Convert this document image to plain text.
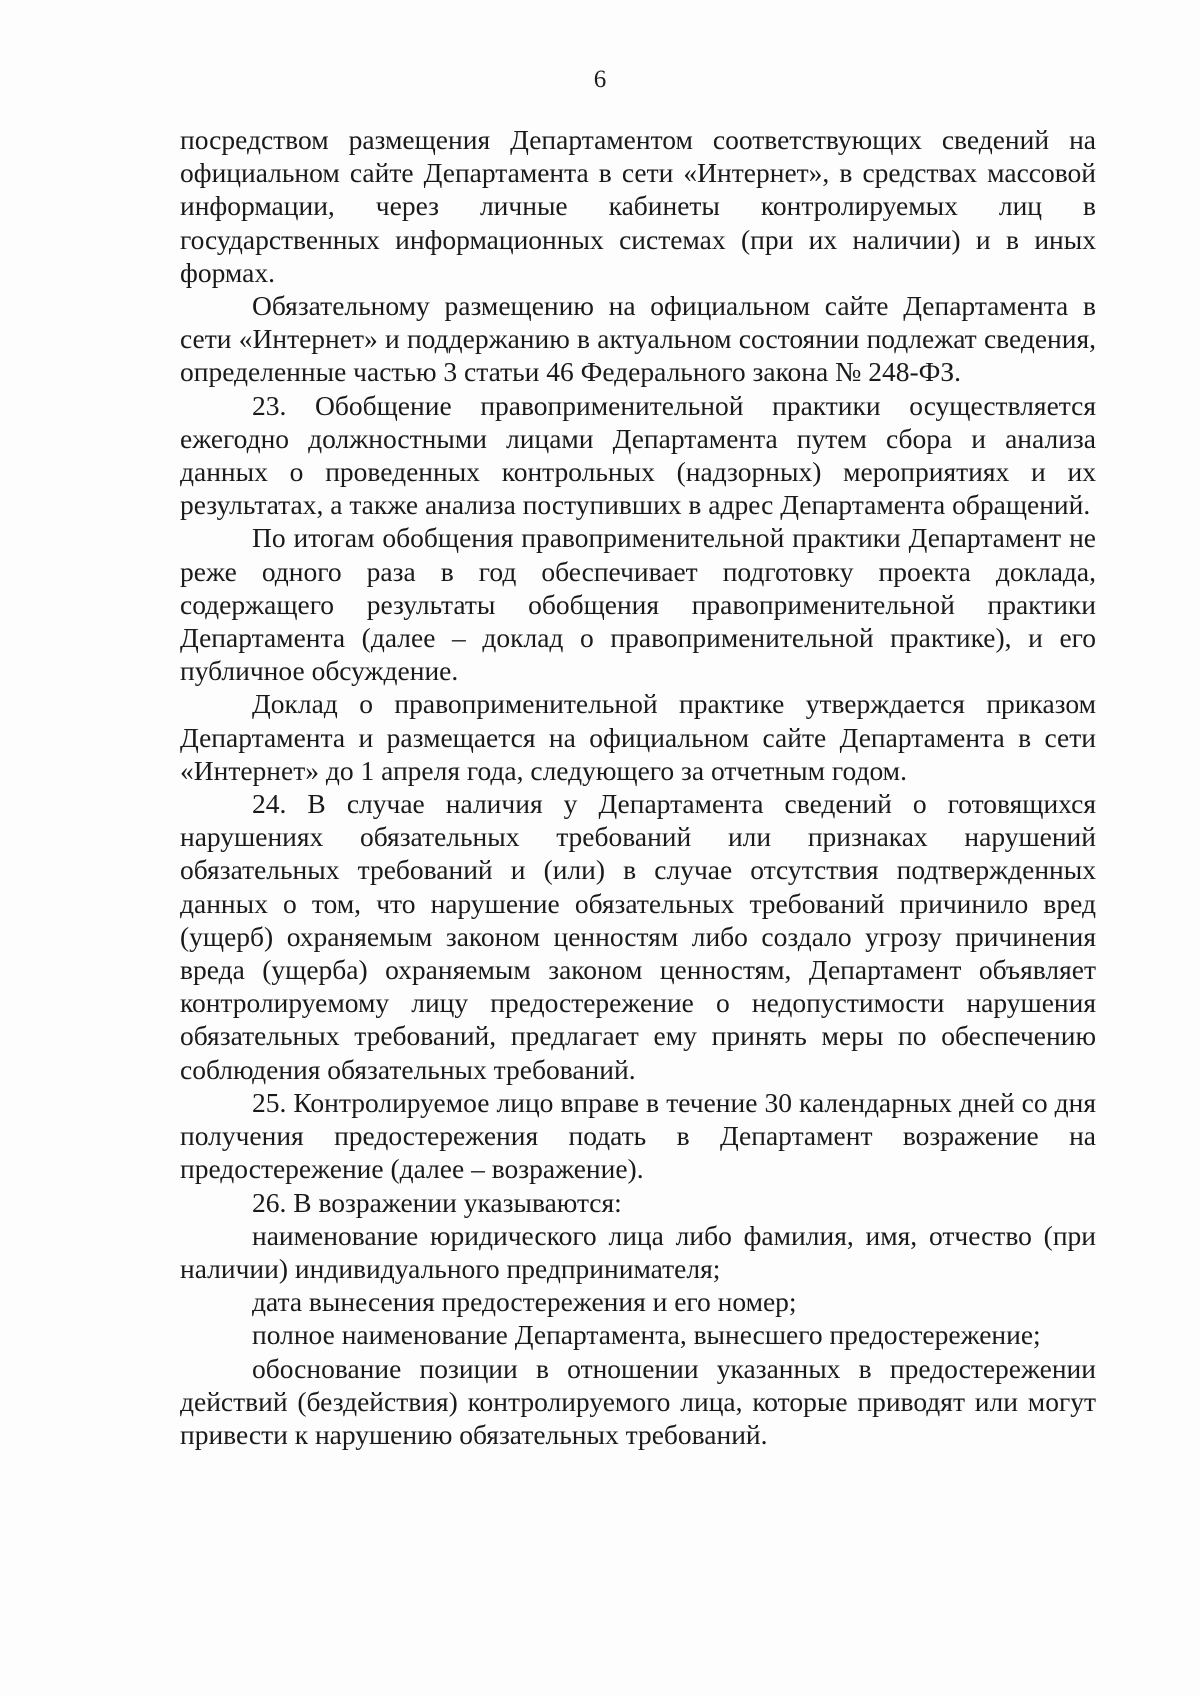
6

посредством размещения Департаментом соответствующих сведений на официальном сайте Департамента в сети «Интернет», в средствах массовой информации, через личные кабинеты контролируемых лиц в государственных информационных системах (при их наличии) и в иных формах.

Обязательному размещению на официальном сайте Департамента в сети «Интернет» и поддержанию в актуальном состоянии подлежат сведения, определенные частью 3 статьи 46 Федерального закона № 248-ФЗ.

23. Обобщение правоприменительной практики осуществляется ежегодно должностными лицами Департамента путем сбора и анализа данных о проведенных контрольных (надзорных) мероприятиях и их результатах, а также анализа поступивших в адрес Департамента обращений.

По итогам обобщения правоприменительной практики Департамент не реже одного раза в год обеспечивает подготовку проекта доклада, содержащего результаты обобщения правоприменительной практики Департамента (далее – доклад о правоприменительной практике), и его публичное обсуждение.

Доклад о правоприменительной практике утверждается приказом Департамента и размещается на официальном сайте Департамента в сети «Интернет» до 1 апреля года, следующего за отчетным годом.

24. В случае наличия у Департамента сведений о готовящихся нарушениях обязательных требований или признаках нарушений обязательных требований и (или) в случае отсутствия подтвержденных данных о том, что нарушение обязательных требований причинило вред (ущерб) охраняемым законом ценностям либо создало угрозу причинения вреда (ущерба) охраняемым законом ценностям, Департамент объявляет контролируемому лицу предостережение о недопустимости нарушения обязательных требований, предлагает ему принять меры по обеспечению соблюдения обязательных требований.

25. Контролируемое лицо вправе в течение 30 календарных дней со дня получения предостережения подать в Департамент возражение на предостережение (далее – возражение).

26. В возражении указываются:

наименование юридического лица либо фамилия, имя, отчество (при наличии) индивидуального предпринимателя;

дата вынесения предостережения и его номер;

полное наименование Департамента, вынесшего предостережение;

обоснование позиции в отношении указанных в предостережении действий (бездействия) контролируемого лица, которые приводят или могут привести к нарушению обязательных требований.
